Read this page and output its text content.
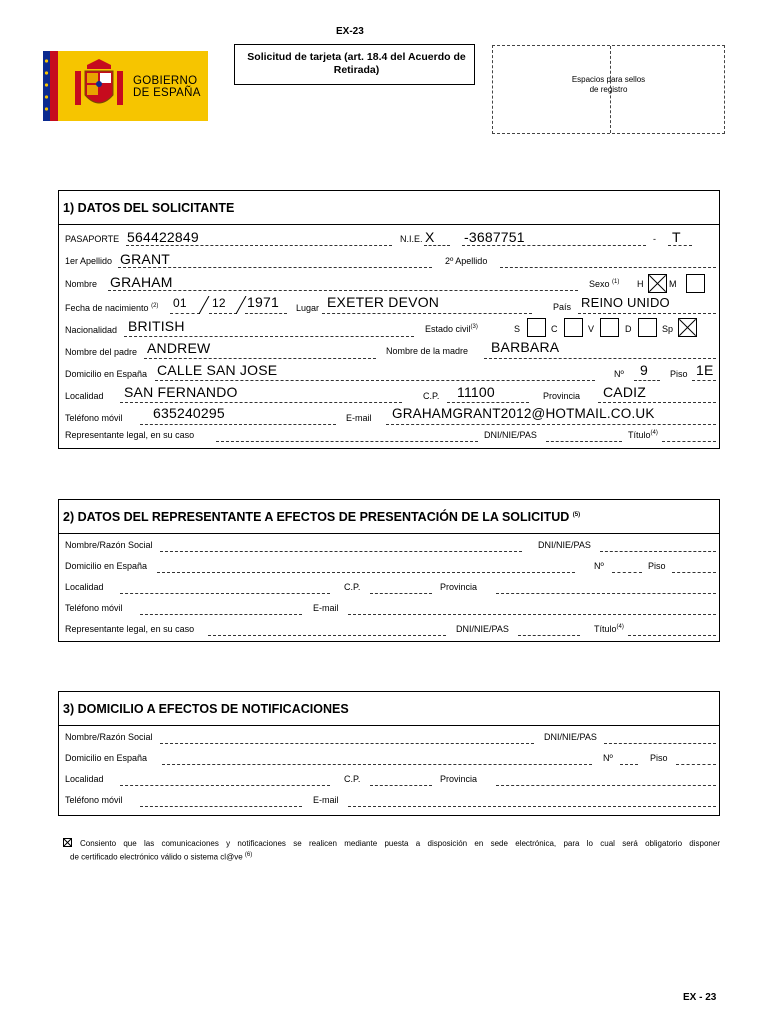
EX-23
GOBIERNO
DE ESPAÑA
Solicitud de tarjeta (art. 18.4 del Acuerdo de Retirada)
Espacios para sellos
de registro
1) DATOS DEL SOLICITANTE
PASAPORTE 564422849	N.I.E. X -3687751	- T
1er Apellido GRANT	2º Apellido
Nombre GRAHAM	Sexo $^{(1)}$ H	M
Fecha de nacimiento $^{(2)}$ 01 12 1971 Lugar EXETER DEVON	País REINO UNIDO
Nacionalidad BRITISH	Estado civil$^{(3)}$	S	C	V	D	Sp
Nombre del padre ANDREW	Nombre de la madre BARBARA
Domicilio en España CALLE SAN JOSE	Nº 9 Piso 1E
Localidad SAN FERNANDO	C.P. 11100	Provincia CADIZ
Teléfono móvil 635240295	E-mail GRAHAMGRANT2012@HOTMAIL.CO.UK
Representante legal, en su caso	DNI/NIE/PAS	Título$^{(4)}$
2) DATOS DEL REPRESENTANTE A EFECTOS DE PRESENTACIÓN DE LA SOLICITUD $^{(5)}$
Nombre/Razón Social	DNI/NIE/PAS
Domicilio en España	Nº	Piso
Localidad	C.P.	Provincia
Teléfono móvil	E-mail
Representante legal, en su caso	DNI/NIE/PAS	Título$^{(4)}$
3) DOMICILIO A EFECTOS DE NOTIFICACIONES
Nombre/Razón Social	DNI/NIE/PAS
Domicilio en España	Nº	Piso
Localidad	C.P.	Provincia
Teléfono móvil	E-mail
Consiento que las comunicaciones y notificaciones se realicen mediante puesta a disposición en sede electrónica, para lo cual será obligatorio disponer
de certificado electrónico válido o sistema cl@ve $^{(6)}$
EX - 23
